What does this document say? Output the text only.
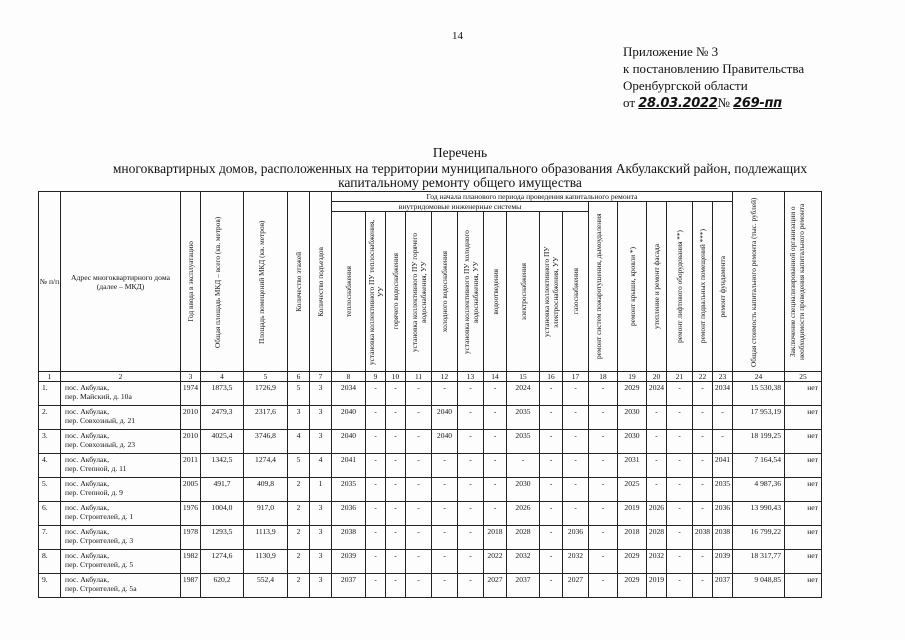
14
Приложение № 3
к постановлению Правительства
Оренбургской области
от 28.03.2022№ 269-пп
Перечень
многоквартирных домов, расположенных на территории муниципального образования Акбулакский район, подлежащих
капитальному ремонту общего имущества
№ п/п	Адрес многоквартирного дома (далее – МКД)	Год ввода в эксплуатацию	Общая площадь МКД – всего (кв. метров)	Площадь помещений МКД (кв. метров)	Количество этажей	Количество подъездов	Год начала планового периода проведения капитального ремонта																Общая стоимость капитального ремонта (тыс. рублей)	Заключение специализированной организации о необходимости проведения капитального ремонта

							внутридомовые инженерные системы										ремонт систем пожаротушения, дымоудаления	ремонт крыши, кровли *)	утепление и ремонт фасада	ремонт лифтового оборудования **)	ремонт подвальных помещений ***)	ремонт фундамента		

							теплоснабжения	установка коллективного ПУ теплоснабжения, УУ	горячего водоснабжения	установка коллективного ПУ горячего водоснабжения, УУ	холодного водоснабжения	установка коллективного ПУ холодного водоснабжения, УУ	водоотведения	электроснабжения	установка коллективного ПУ электроснабжения, УУ	газоснабжения								

1	2	3	4	5	6	7	8	9	10	11	12	13	14	15	16	17	18	19	20	21	22	23	24	25
1.	пос. Акбулак,
пер. Майский, д. 10а	1974	1873,5	1726,9	5	3	2034	-	-	-	-	-	-	2024	-	-	-	2029	2024	-	-	2034	15 530,38	нет
2.	пос. Акбулак,
пер. Совхозный, д. 21	2010	2479,3	2317,6	3	3	2040	-	-	-	2040	-	-	2035	-	-	-	2030	-	-	-	-	17 953,19	нет
3.	пос. Акбулак,
пер. Совхозный, д. 23	2010	4025,4	3746,8	4	3	2040	-	-	-	2040	-	-	2035	-	-	-	2030	-	-	-	-	18 199,25	нет
4.	пос. Акбулак,
пер. Степной, д. 11	2011	1342,5	1274,4	5	4	2041	-	-	-	-	-	-	-	-	-	-	2031	-	-	-	2041	7 164,54	нет
5.	пос. Акбулак,
пер. Степной, д. 9	2005	491,7	409,8	2	1	2035	-	-	-	-	-	-	2030	-	-	-	2025	-	-	-	2035	4 987,36	нет
6.	пос. Акбулак,
пер. Строителей, д. 1	1976	1004,0	917,0	2	3	2036	-	-	-	-	-	-	2026	-	-	-	2019	2026	-	-	2036	13 990,43	нет
7.	пос. Акбулак,
пер. Строителей, д. 3	1978	1293,5	1113,9	2	3	2038	-	-	-	-	-	2018	2028	-	2036	-	2018	2028	-	2038	2038	16 799,22	нет
8.	пос. Акбулак,
пер. Строителей, д. 5	1982	1274,6	1130,9	2	3	2039	-	-	-	-	-	2022	2032	-	2032	-	2029	2032	-	-	2039	18 317,77	нет
9.	пос. Акбулак,
пер. Строителей, д. 5а	1987	620,2	552,4	2	3	2037	-	-	-	-	-	2027	2037	-	2027	-	2029	2019	-	-	2037	9 048,85	нет
